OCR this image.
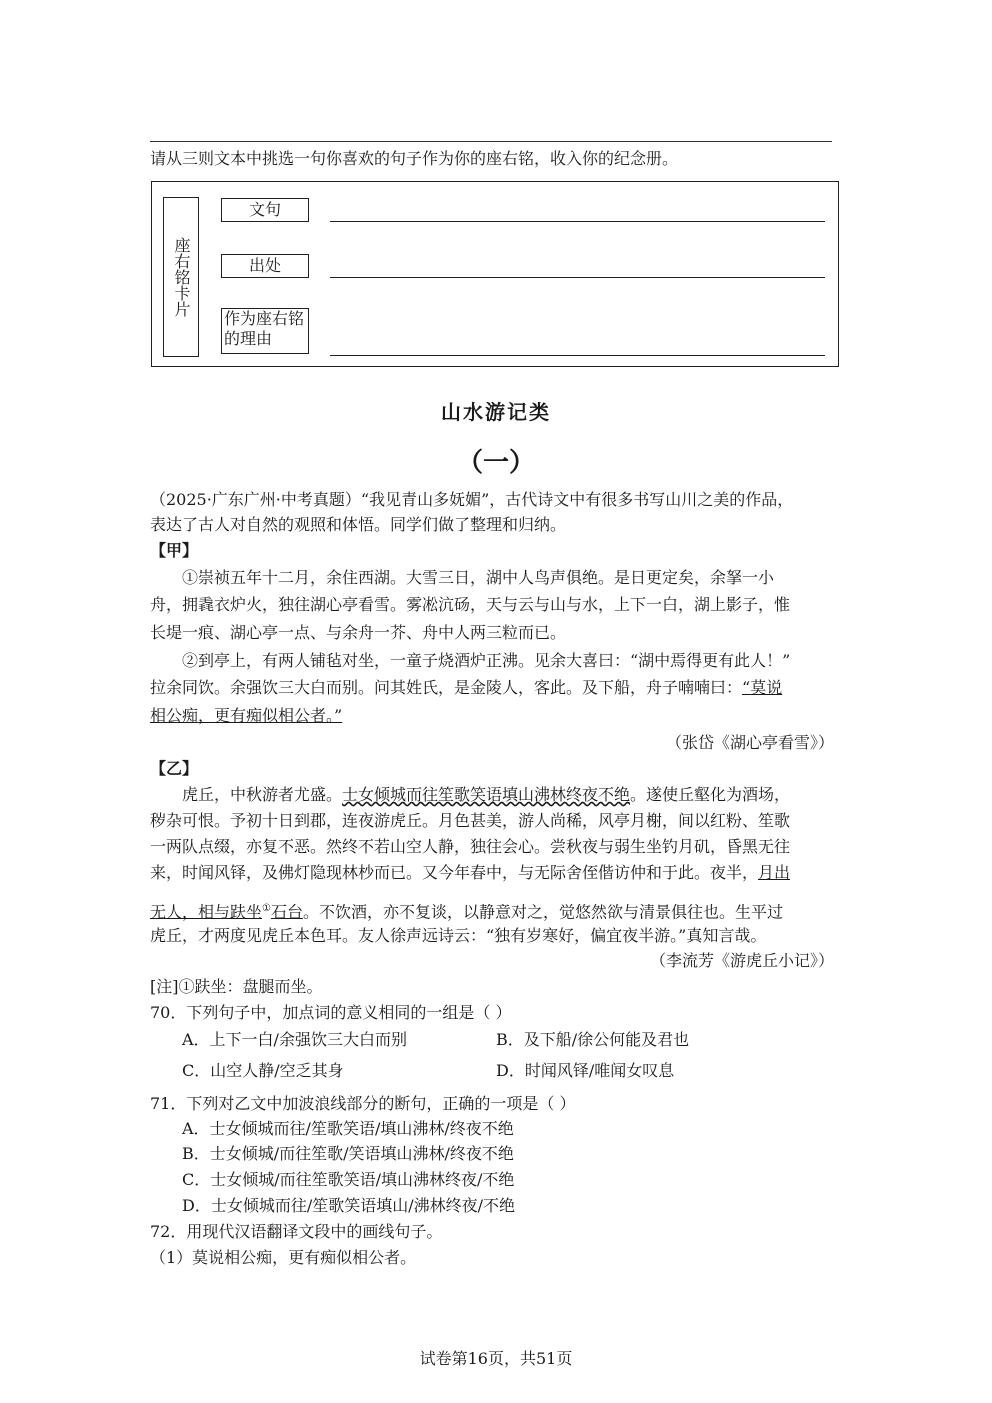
请从三则文本中挑选一句你喜欢的句子作为你的座右铭，收入你的纪念册。
座右铭卡片
文句
出处
作为座右铭的理由
山水游记类
（一）
（2025·广东广州·中考真题）“我见青山多妩媚”，古代诗文中有很多书写山川之美的作品，
表达了古人对自然的观照和体悟。同学们做了整理和归纳。
【甲】
①崇祯五年十二月，余住西湖。大雪三日，湖中人鸟声俱绝。是日更定矣，余拏一小
舟，拥毳衣炉火，独往湖心亭看雪。雾凇沆砀，天与云与山与水，上下一白，湖上影子，惟
长堤一痕、湖心亭一点、与余舟一芥、舟中人两三粒而已。
②到亭上，有两人铺毡对坐，一童子烧酒炉正沸。见余大喜曰：“湖中焉得更有此人！”
拉余同饮。余强饮三大白而别。问其姓氏，是金陵人，客此。及下船，舟子喃喃曰：“莫说
相公痴，更有痴似相公者。”
（张岱《湖心亭看雪》）
【乙】
虎丘，中秋游者尤盛。士女倾城而往笙歌笑语填山沸林终夜不绝。遂使丘壑化为酒场，
秽杂可恨。予初十日到郡，连夜游虎丘。月色甚美，游人尚稀，风亭月榭，间以红粉、笙歌
一两队点缀，亦复不恶。然终不若山空人静，独往会心。尝秋夜与弱生坐钓月矶，昏黑无往
来，时闻风铎，及佛灯隐现林杪而已。又今年春中，与无际舍侄偕访仲和于此。夜半，月出
无人，相与趺坐①石台。不饮酒，亦不复谈，以静意对之，觉悠然欲与清景俱往也。生平过
虎丘，才两度见虎丘本色耳。友人徐声远诗云：“独有岁寒好，偏宜夜半游。”真知言哉。
（李流芳《游虎丘小记》）
[注]①趺坐：盘腿而坐。
70．下列句子中，加点词的意义相同的一组是（ ）
A．上下一白/余强饮三大白而别	B．及下船/徐公何能及君也
C．山空人静/空乏其身	D．时闻风铎/唯闻女叹息
71．下列对乙文中加波浪线部分的断句，正确的一项是（ ）
A．士女倾城而往/笙歌笑语/填山沸林/终夜不绝
B．士女倾城/而往笙歌/笑语填山沸林/终夜不绝
C．士女倾城/而往笙歌笑语/填山沸林终夜/不绝
D．士女倾城而往/笙歌笑语填山/沸林终夜/不绝
72．用现代汉语翻译文段中的画线句子。
（1）莫说相公痴，更有痴似相公者。
试卷第16页，共51页
